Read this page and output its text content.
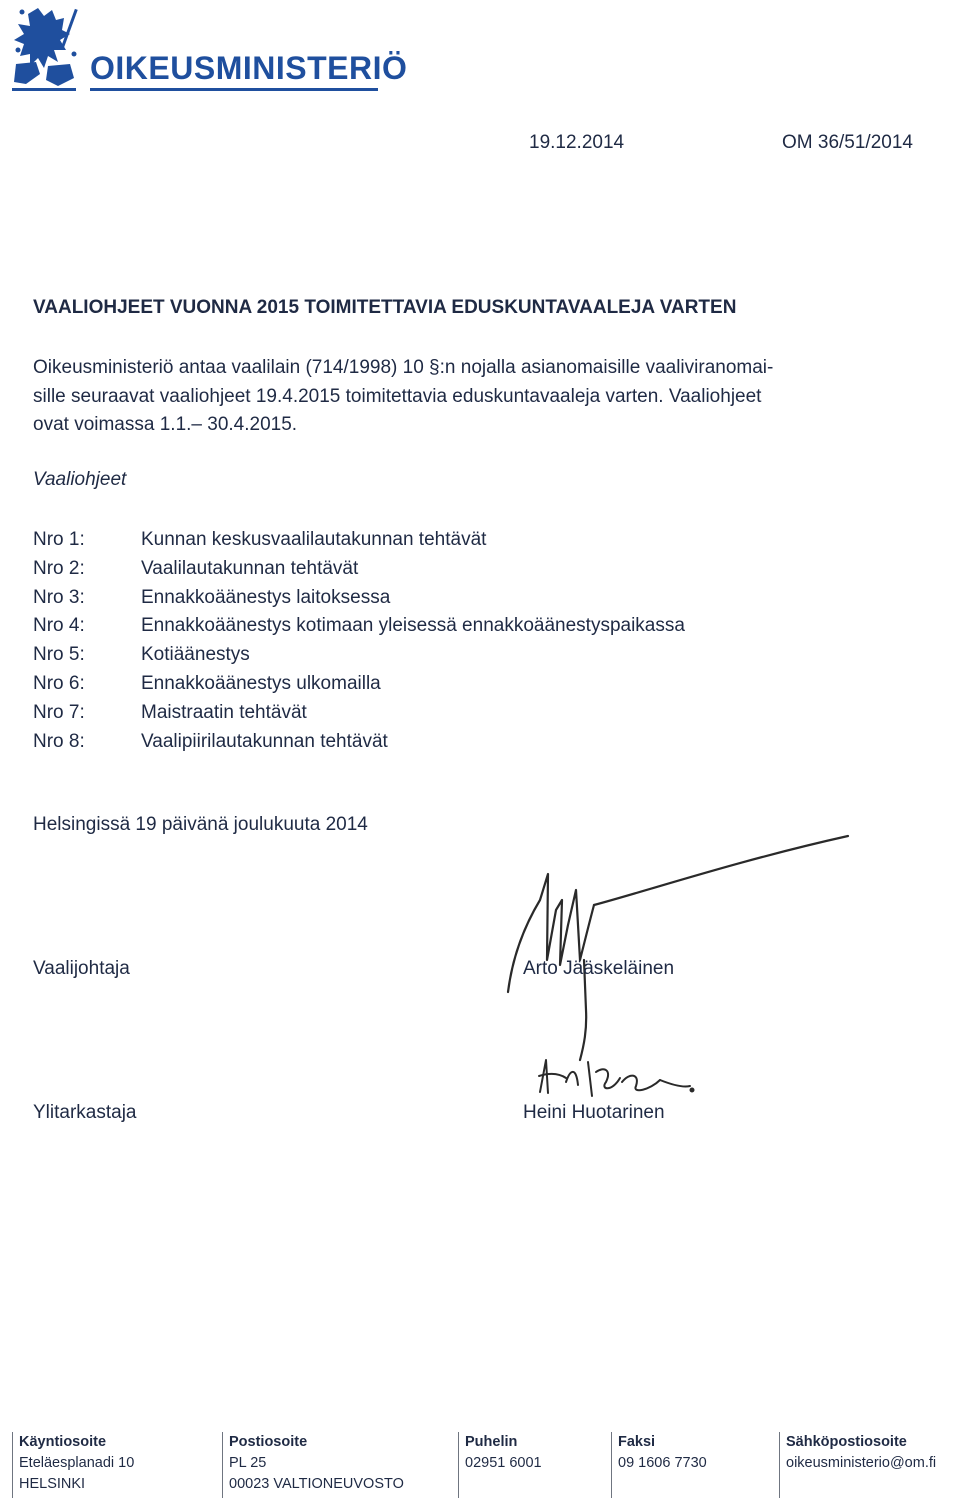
OIKEUSMINISTERIÖ
19.12.2014	OM 36/51/2014
VAALIOHJEET VUONNA 2015 TOIMITETTAVIA EDUSKUNTAVAALEJA VARTEN
Oikeusministeriö antaa vaalilain (714/1998) 10 §:n nojalla asianomaisille vaaliviranomai-
sille seuraavat vaaliohjeet 19.4.2015 toimitettavia eduskuntavaaleja varten. Vaaliohjeet
ovat voimassa 1.1.– 30.4.2015.
Vaaliohjeet
Nro 1:	Kunnan keskusvaalilautakunnan tehtävät
Nro 2:	Vaalilautakunnan tehtävät
Nro 3:	Ennakkoäänestys laitoksessa
Nro 4:	Ennakkoäänestys kotimaan yleisessä ennakkoäänestyspaikassa
Nro 5:	Kotiäänestys
Nro 6:	Ennakkoäänestys ulkomailla
Nro 7:	Maistraatin tehtävät
Nro 8:	Vaalipiirilautakunnan tehtävät
Helsingissä 19 päivänä joulukuuta 2014
Vaalijohtaja	Arto Jääskeläinen
Ylitarkastaja	Heini Huotarinen
Käyntiosoite
Eteläesplanadi 10
HELSINKI
Postiosoite
PL 25
00023 VALTIONEUVOSTO
Puhelin
02951 6001
Faksi
09 1606 7730
Sähköpostiosoite
oikeusministerio@om.fi
